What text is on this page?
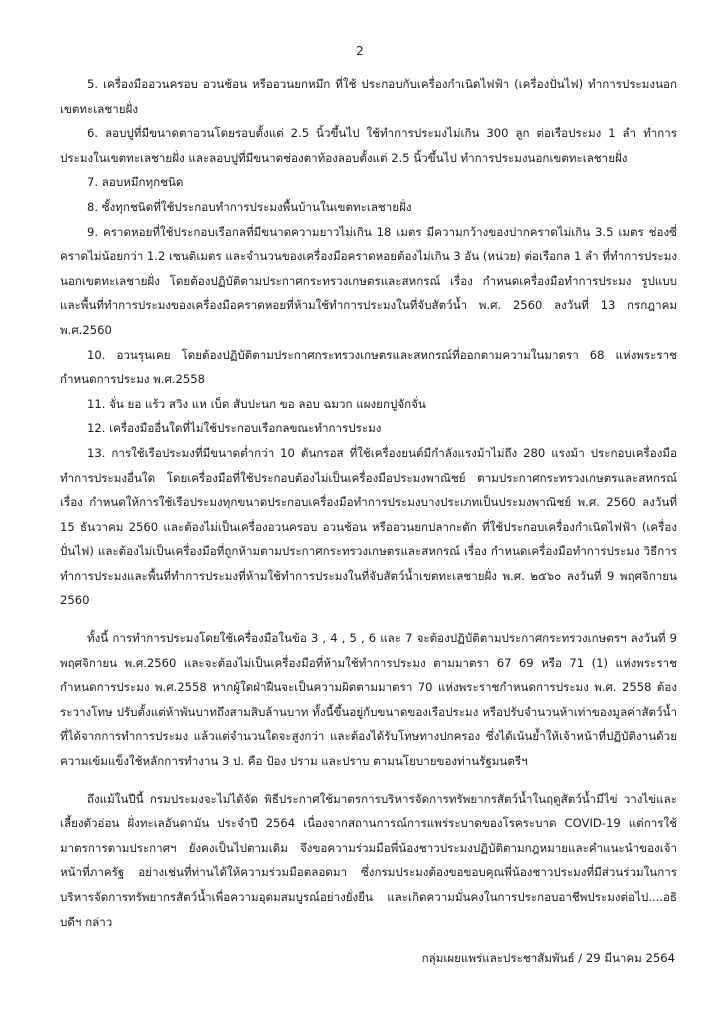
2

5. เครื่องมืออวนครอบ อวนช้อน หรืออวนยกหมึก ที่ใช้ ประกอบกับเครื่องกำเนิดไฟฟ้า (เครื่องปั่นไฟ) ทำการประมงนอกเขตทะเลชายฝั่ง

6. ลอบปูที่มีขนาดตาอวนโดยรอบตั้งแต่ 2.5 นิ้วขึ้นไป ใช้ทำการประมงไม่เกิน 300 ลูก ต่อเรือประมง 1 ลำ ทำการประมงในเขตทะเลชายฝั่ง และลอบปูที่มีขนาดช่องตาท้องลอบตั้งแต่ 2.5 นิ้วขึ้นไป ทำการประมงนอกเขตทะเลชายฝั่ง

7. ลอบหมึกทุกชนิด

8. ซั้งทุกชนิดที่ใช้ประกอบทำการประมงพื้นบ้านในเขตทะเลชายฝั่ง

9. คราดหอยที่ใช้ประกอบเรือกลที่มีขนาดความยาวไม่เกิน 18 เมตร มีความกว้างของปากคราดไม่เกิน 3.5 เมตร ช่องซี่คราดไม่น้อยกว่า 1.2 เซนติเมตร และจำนวนของเครื่องมือคราดหอยต้องไม่เกิน 3 อัน (หน่วย) ต่อเรือกล 1 ลำ ที่ทำการประมงนอกเขตทะเลชายฝั่ง โดยต้องปฏิบัติตามประกาศกระทรวงเกษตรและสหกรณ์ เรื่อง กำหนดเครื่องมือทำการประมง รูปแบบ และพื้นที่ทำการประมงของเครื่องมือคราดหอยที่ห้ามใช้ทำการประมงในที่จับสัตว์น้ำ พ.ศ. 2560 ลงวันที่ 13 กรกฎาคม พ.ศ.2560

10. อวนรุนเคย โดยต้องปฏิบัติตามประกาศกระทรวงเกษตรและสหกรณ์ที่ออกตามความในมาตรา 68 แห่งพระราชกำหนดการประมง พ.ศ.2558

11. จั่น ยอ แร้ว สวิง แห เบ็ด สับปะนก ขอ ลอบ ฉมวก แผงยกปูจักจั่น

12. เครื่องมืออื่นใดที่ไม่ใช้ประกอบเรือกลขณะทำการประมง

13. การใช้เรือประมงที่มีขนาดต่ำกว่า 10 ตันกรอส ที่ใช้เครื่องยนต์มีกำลังแรงม้าไม่ถึง 280 แรงม้า ประกอบเครื่องมือทำการประมงอื่นใด โดยเครื่องมือที่ใช้ประกอบต้องไม่เป็นเครื่องมือประมงพาณิชย์ ตามประกาศกระทรวงเกษตรและสหกรณ์ เรื่อง กำหนดให้การใช้เรือประมงทุกขนาดประกอบเครื่องมือทำการประมงบางประเภทเป็นประมงพาณิชย์ พ.ศ. 2560 ลงวันที่ 15 ธันวาคม 2560 และต้องไม่เป็นเครื่องอวนครอบ อวนช้อน หรืออวนยกปลากะตัก ที่ใช้ประกอบเครื่องกำเนิดไฟฟ้า (เครื่องปั่นไฟ) และต้องไม่เป็นเครื่องมือที่ถูกห้ามตามประกาศกระทรวงเกษตรและสหกรณ์ เรื่อง กำหนดเครื่องมือทำการประมง วิธีการทำการประมงและพื้นที่ทำการประมงที่ห้ามใช้ทำการประมงในที่จับสัตว์น้ำเขตทะเลชายฝั่ง พ.ศ. ๒๕๖๐ ลงวันที่ 9 พฤศจิกายน 2560

ทั้งนี้ การทำการประมงโดยใช้เครื่องมือในข้อ 3 , 4 , 5 , 6 และ 7 จะต้องปฏิบัติตามประกาศกระทรวงเกษตรฯ ลงวันที่ 9 พฤศจิกายน พ.ศ.2560 และจะต้องไม่เป็นเครื่องมือที่ห้ามใช้ทำการประมง ตามมาตรา 67 69 หรือ 71 (1) แห่งพระราชกำหนดการประมง พ.ศ.2558 หากผู้ใดฝ่าฝืนจะเป็นความผิดตามมาตรา 70 แห่งพระราชกำหนดการประมง พ.ศ. 2558 ต้องระวางโทษ ปรับตั้งแต่ห้าพันบาทถึงสามสิบล้านบาท ทั้งนี้ขึ้นอยู่กับขนาดของเรือประมง หรือปรับจำนวนห้าเท่าของมูลค่าสัตว์น้ำที่ได้จากการทำการประมง แล้วแต่จำนวนใดจะสูงกว่า และต้องได้รับโทษทางปกครอง ซึ่งได้เน้นย้ำให้เจ้าหน้าที่ปฏิบัติงานด้วยความเข้มแข็งใช้หลักการทำงาน 3 ป. คือ ป้อง ปราม และปราบ ตามนโยบายของท่านรัฐมนตรีฯ

ถึงแม้ในปีนี้ กรมประมงจะไม่ได้จัด พิธีประกาศใช้มาตรการบริหารจัดการทรัพยากรสัตว์น้ำในฤดูสัตว์น้ำมีไข่ วางไข่และเลี้ยงตัวอ่อน ฝั่งทะเลอันดามัน ประจำปี 2564 เนื่องจากสถานการณ์การแพร่ระบาดของโรคระบาด COVID-19 แต่การใช้มาตรการตามประกาศฯ ยังคงเป็นไปตามเดิม จึงขอความร่วมมือพี่น้องชาวประมงปฏิบัติตามกฎหมายและคำแนะนำของเจ้าหน้าที่ภาครัฐ อย่างเช่นที่ท่านได้ให้ความร่วมมือตลอดมา ซึ่งกรมประมงต้องขอขอบคุณพี่น้องชาวประมงที่มีส่วนร่วมในการบริหารจัดการทรัพยากรสัตว์น้ำเพื่อความอุดมสมบูรณ์อย่างยั่งยืน และเกิดความมั่นคงในการประกอบอาชีพประมงต่อไป....อธิบดีฯ กล่าว

กลุ่มเผยแพร่และประชาสัมพันธ์ / 29 มีนาคม 2564
